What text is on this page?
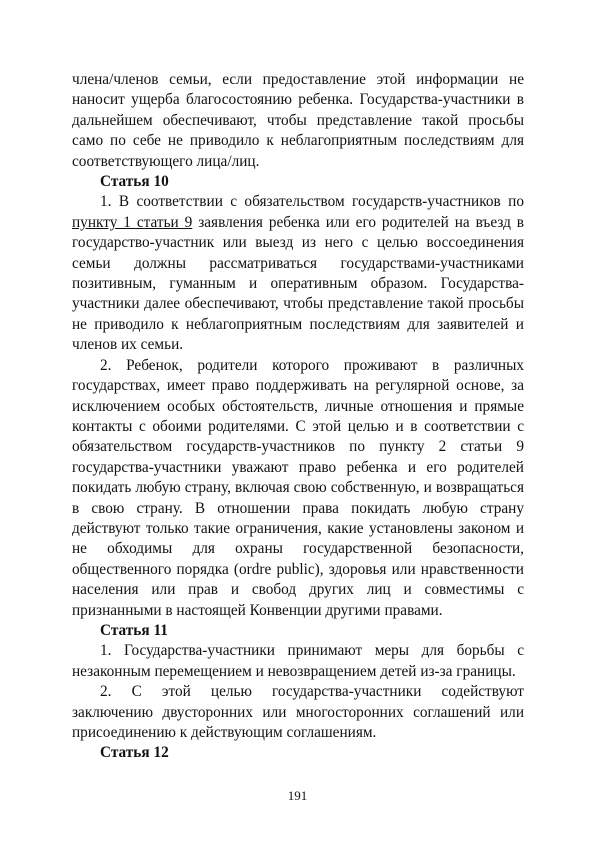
члена/членов семьи, если предоставление этой информации не наносит ущерба благосостоянию ребенка. Государства-участники в дальнейшем обеспечивают, чтобы представление такой просьбы само по себе не приводило к неблагоприятным последствиям для соответствующего лица/лиц.

Статья 10

1. В соответствии с обязательством государств-участников по пункту 1 статьи 9 заявления ребенка или его родителей на въезд в государство-участник или выезд из него с целью воссоединения семьи должны рассматриваться государствами-участниками позитивным, гуманным и оперативным образом. Государства-участники далее обеспечивают, чтобы представление такой просьбы не приводило к неблагоприятным последствиям для заявителей и членов их семьи.

2. Ребенок, родители которого проживают в различных государствах, имеет право поддерживать на регулярной основе, за исключением особых обстоятельств, личные отношения и прямые контакты с обоими родителями. С этой целью и в соответствии с обязательством государств-участников по пункту 2 статьи 9 государства-участники уважают право ребенка и его родителей покидать любую страну, включая свою собственную, и возвращаться в свою страну. В отношении права покидать любую страну действуют только такие ограничения, какие установлены законом и не обходимы для охраны государственной безопасности, общественного порядка (ordre public), здоровья или нравственности населения или прав и свобод других лиц и совместимы с признанными в настоящей Конвенции другими правами.

Статья 11

1. Государства-участники принимают меры для борьбы с незаконным перемещением и невозвращением детей из-за границы.

2. С этой целью государства-участники содействуют заключению двусторонних или многосторонних соглашений или присоединению к действующим соглашениям.

Статья 12

191
